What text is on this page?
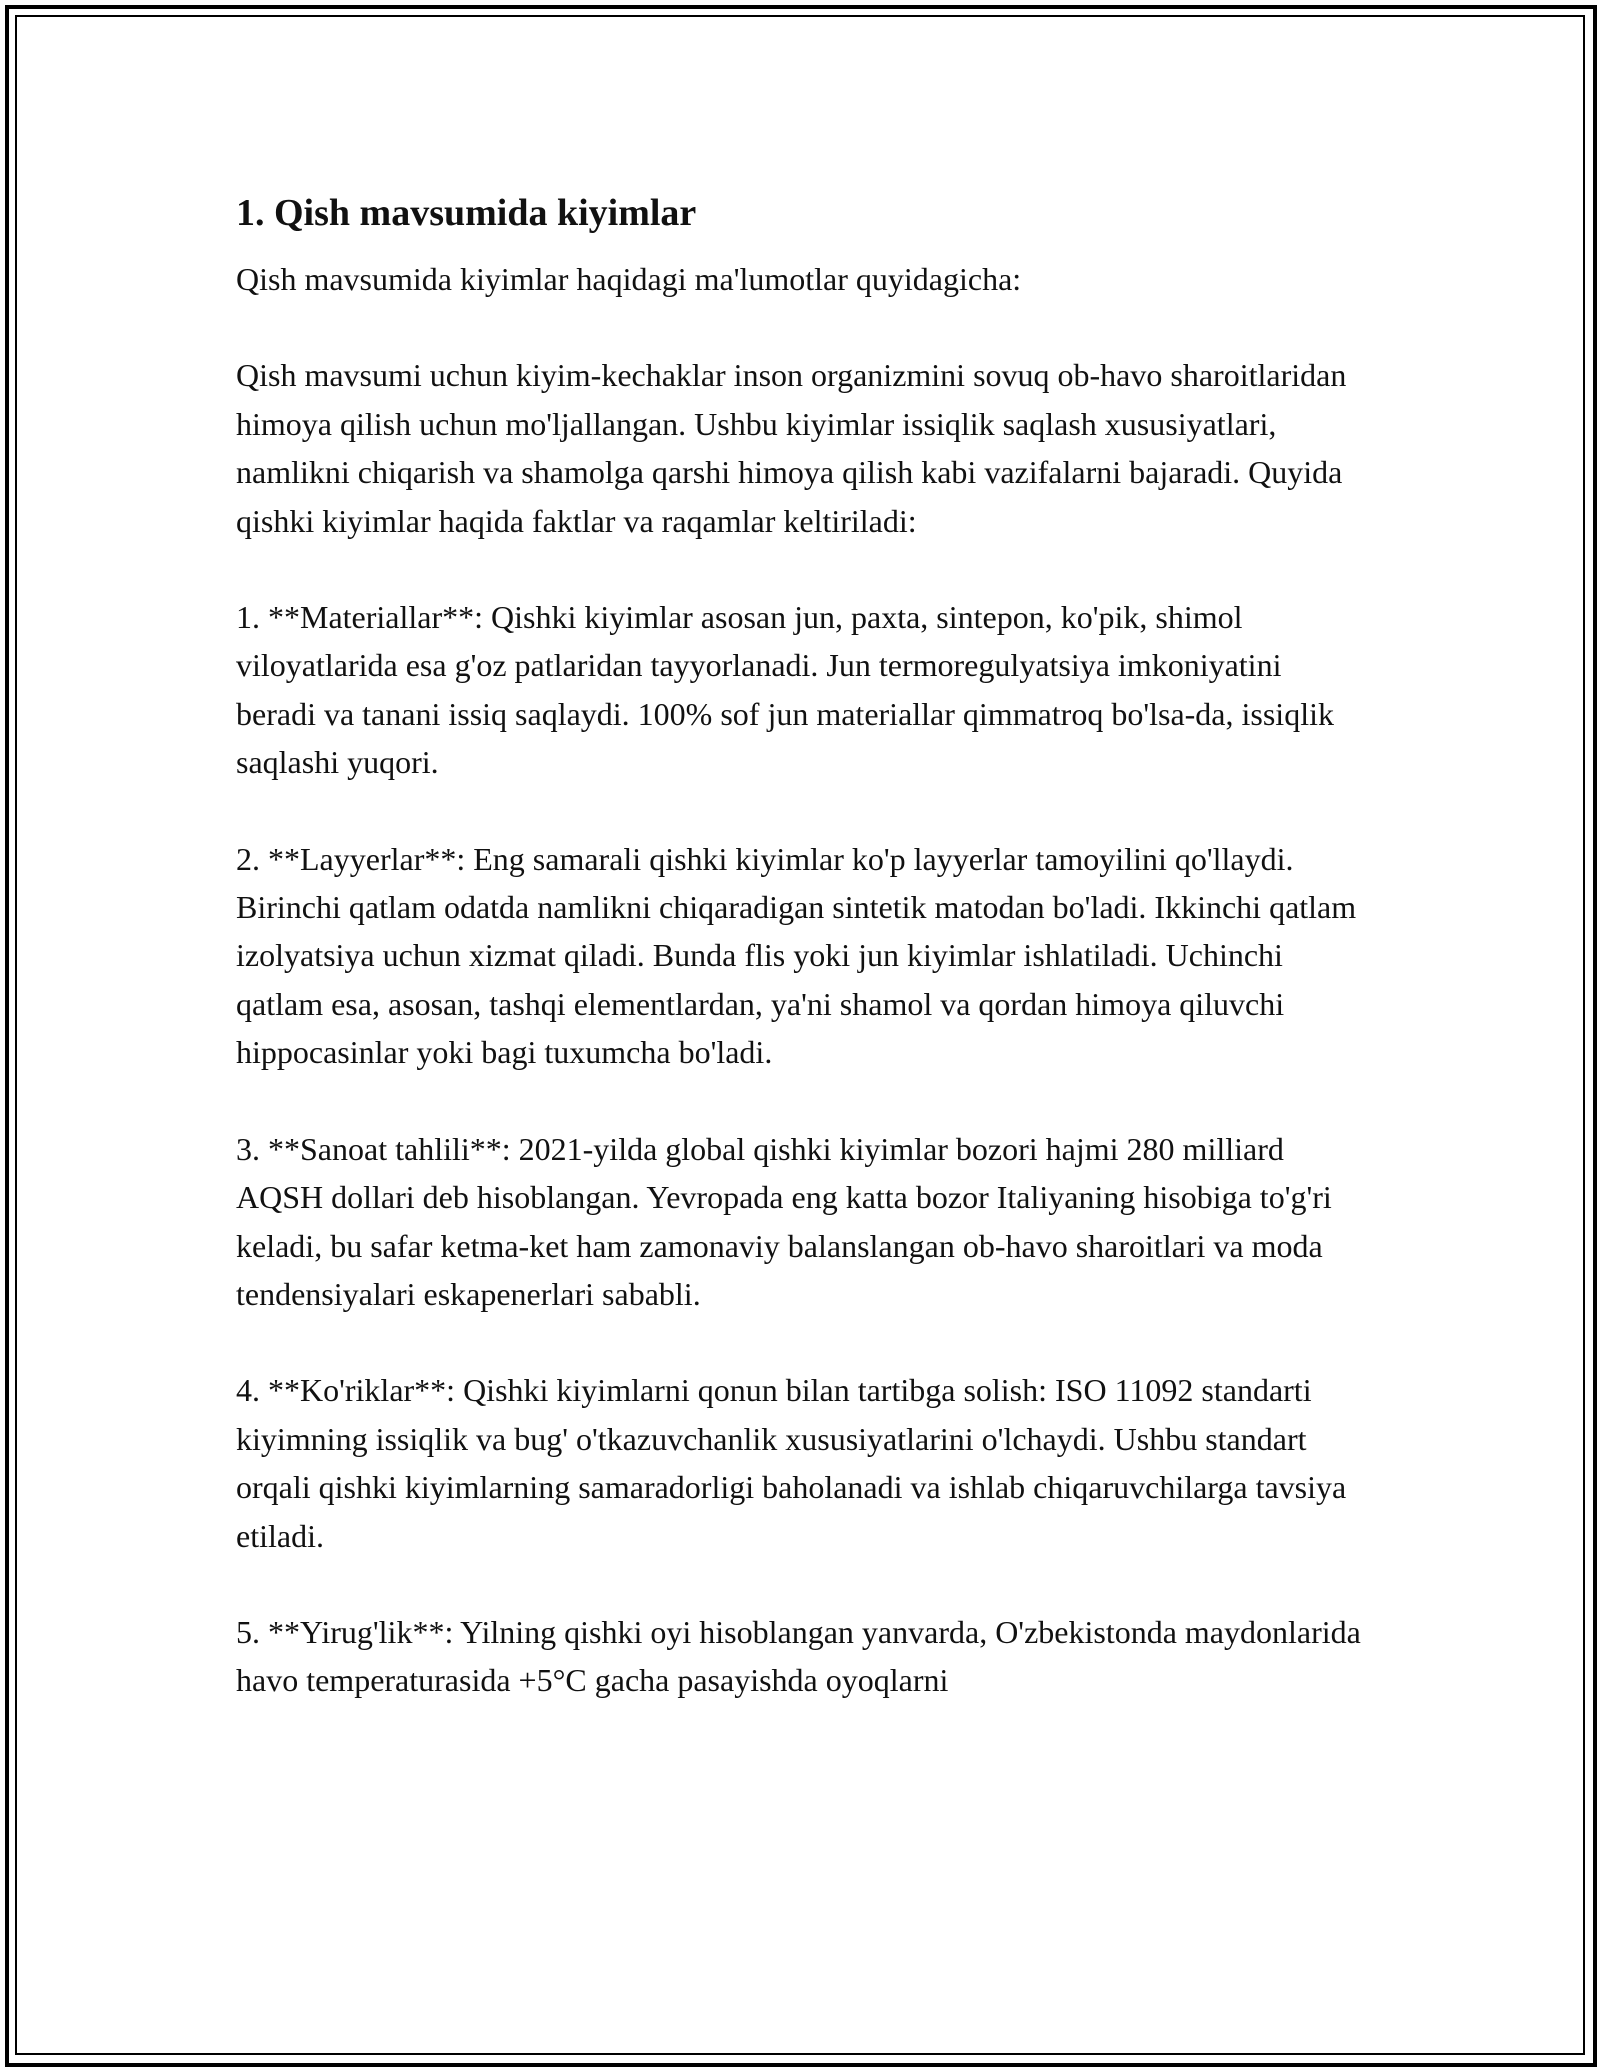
1. Qish mavsumida kiyimlar

Qish mavsumida kiyimlar haqidagi ma'lumotlar quyidagicha:

Qish mavsumi uchun kiyim-kechaklar inson organizmini sovuq ob-havo sharoitlaridan himoya qilish uchun mo'ljallangan. Ushbu kiyimlar issiqlik saqlash xususiyatlari, namlikni chiqarish va shamolga qarshi himoya qilish kabi vazifalarni bajaradi. Quyida qishki kiyimlar haqida faktlar va raqamlar keltiriladi:

1. **Materiallar**: Qishki kiyimlar asosan jun, paxta, sintepon, ko'pik, shimol viloyatlarida esa g'oz patlaridan tayyorlanadi. Jun termoregulyatsiya imkoniyatini beradi va tanani issiq saqlaydi. 100% sof jun materiallar qimmatroq bo'lsa-da, issiqlik saqlashi yuqori.

2. **Layyerlar**: Eng samarali qishki kiyimlar ko'p layyerlar tamoyilini qo'llaydi. Birinchi qatlam odatda namlikni chiqaradigan sintetik matodan bo'ladi. Ikkinchi qatlam izolyatsiya uchun xizmat qiladi. Bunda flis yoki jun kiyimlar ishlatiladi. Uchinchi qatlam esa, asosan, tashqi elementlardan, ya'ni shamol va qordan himoya qiluvchi hippocasinlar yoki bagi tuxumcha bo'ladi.

3. **Sanoat tahlili**: 2021-yilda global qishki kiyimlar bozori hajmi 280 milliard AQSH dollari deb hisoblangan. Yevropada eng katta bozor Italiyaning hisobiga to'g'ri keladi, bu safar ketma-ket ham zamonaviy balanslangan ob-havo sharoitlari va moda tendensiyalari eskapenerlari sababli.

4. **Ko'riklar**: Qishki kiyimlarni qonun bilan tartibga solish: ISO 11092 standarti kiyimning issiqlik va bug' o'tkazuvchanlik xususiyatlarini o'lchaydi. Ushbu standart orqali qishki kiyimlarning samaradorligi baholanadi va ishlab chiqaruvchilarga tavsiya etiladi.

5. **Yirug'lik**: Yilning qishki oyi hisoblangan yanvarda, O'zbekistonda maydonlarida havo temperaturasida +5°C gacha pasayishda oyoqlarni
